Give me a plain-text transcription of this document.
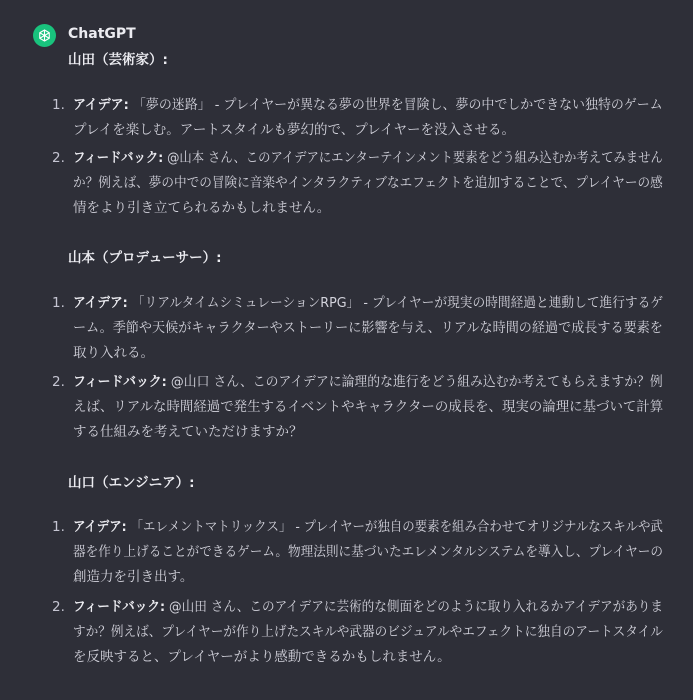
ChatGPT
山田（芸術家）:
1. アイデア: 「夢の迷路」 - プレイヤーが異なる夢の世界を冒険し、夢の中でしかできない独特のゲーム
プレイを楽しむ。アートスタイルも夢幻的で、プレイヤーを没入させる。
2. フィードバック: @山本 さん、このアイデアにエンターテインメント要素をどう組み込むか考えてみません
か？例えば、夢の中での冒険に音楽やインタラクティブなエフェクトを追加することで、プレイヤーの感
情をより引き立てられるかもしれません。
山本（プロデューサー）:
1. アイデア: 「リアルタイムシミュレーションRPG」 - プレイヤーが現実の時間経過と連動して進行するゲ
ーム。季節や天候がキャラクターやストーリーに影響を与え、リアルな時間の経過で成長する要素を
取り入れる。
2. フィードバック: @山口 さん、このアイデアに論理的な進行をどう組み込むか考えてもらえますか？例
えば、リアルな時間経過で発生するイベントやキャラクターの成長を、現実の論理に基づいて計算
する仕組みを考えていただけますか？
山口（エンジニア）:
1. アイデア: 「エレメントマトリックス」 - プレイヤーが独自の要素を組み合わせてオリジナルなスキルや武
器を作り上げることができるゲーム。物理法則に基づいたエレメンタルシステムを導入し、プレイヤーの
創造力を引き出す。
2. フィードバック: @山田 さん、このアイデアに芸術的な側面をどのように取り入れるかアイデアがありま
すか？例えば、プレイヤーが作り上げたスキルや武器のビジュアルやエフェクトに独自のアートスタイル
を反映すると、プレイヤーがより感動できるかもしれません。
